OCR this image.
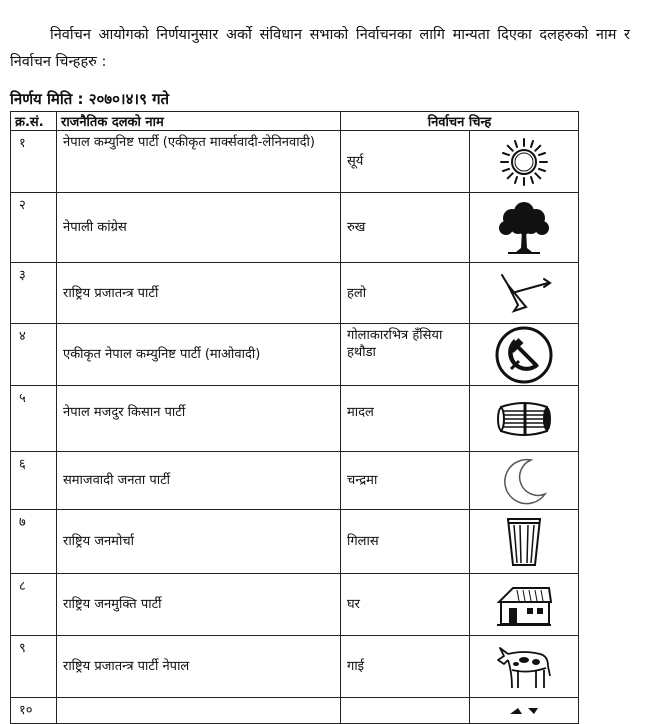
निर्वाचन आयोगको निर्णयानुसार अर्को संविधान सभाको निर्वाचनका लागि मान्यता दिएका दलहरुको नाम र निर्वाचन चिन्हहरु :
निर्णय मिति : २०७०।४।९ गते
क्र.सं.	राजनैतिक दलको नाम	निर्वाचन चिन्ह	
१	नेपाल कम्युनिष्ट पार्टी (एकीकृत मार्क्सवादी-लेनिनवादी)	सूर्य	

२	नेपाली कांग्रेस	रुख	

३	राष्ट्रिय प्रजातन्त्र पार्टी	हलो	

४	एकीकृत नेपाल कम्युनिष्ट पार्टी (माओवादी)	गोलाकारभित्र हँसिया हथौडा	

५	नेपाल मजदुर किसान पार्टी	मादल	

६	समाजवादी जनता पार्टी	चन्द्रमा	

७	राष्ट्रिय जनमोर्चा	गिलास	

८	राष्ट्रिय जनमुक्ति पार्टी	घर	

९	राष्ट्रिय प्रजातन्त्र पार्टी नेपाल	गाई	

१०			
